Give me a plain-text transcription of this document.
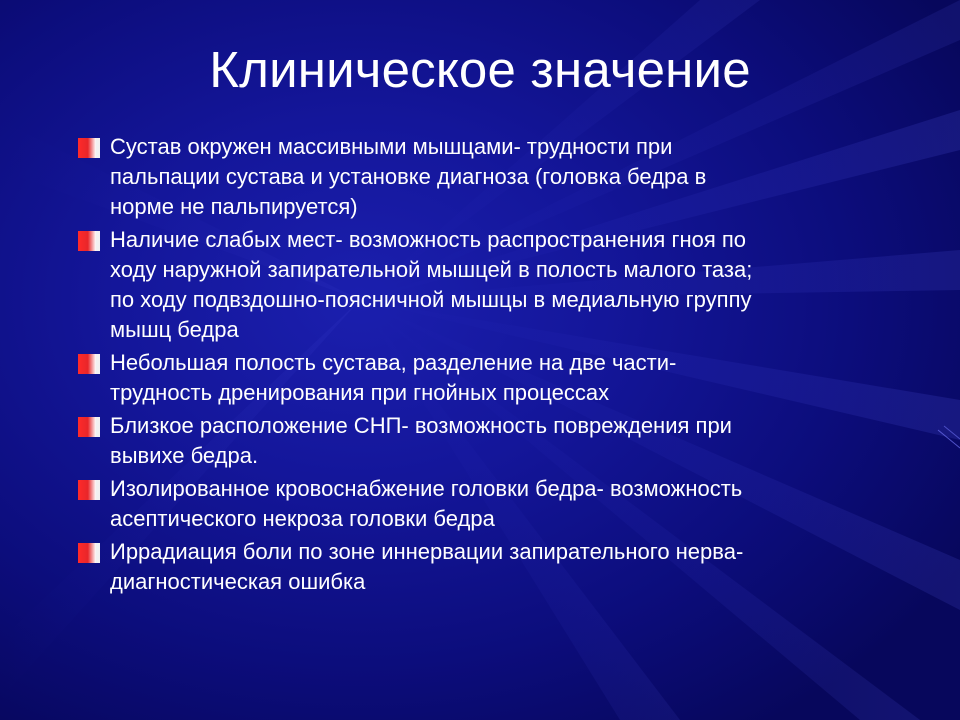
Клиническое значение
Сустав окружен массивными мышцами- трудности при
пальпации сустава и установке диагноза (головка бедра в
норме не пальпируется)
Наличие слабых мест- возможность распространения гноя по
ходу наружной запирательной мышцей в полость малого таза;
по ходу подвздошно-поясничной мышцы в медиальную группу
мышц бедра
Небольшая полость сустава, разделение на две части-
трудность дренирования при гнойных процессах
Близкое расположение СНП- возможность повреждения при
вывихе бедра.
Изолированное кровоснабжение головки бедра- возможность
асептического некроза головки бедра
Иррадиация боли по зоне иннервации запирательного нерва-
диагностическая ошибка
